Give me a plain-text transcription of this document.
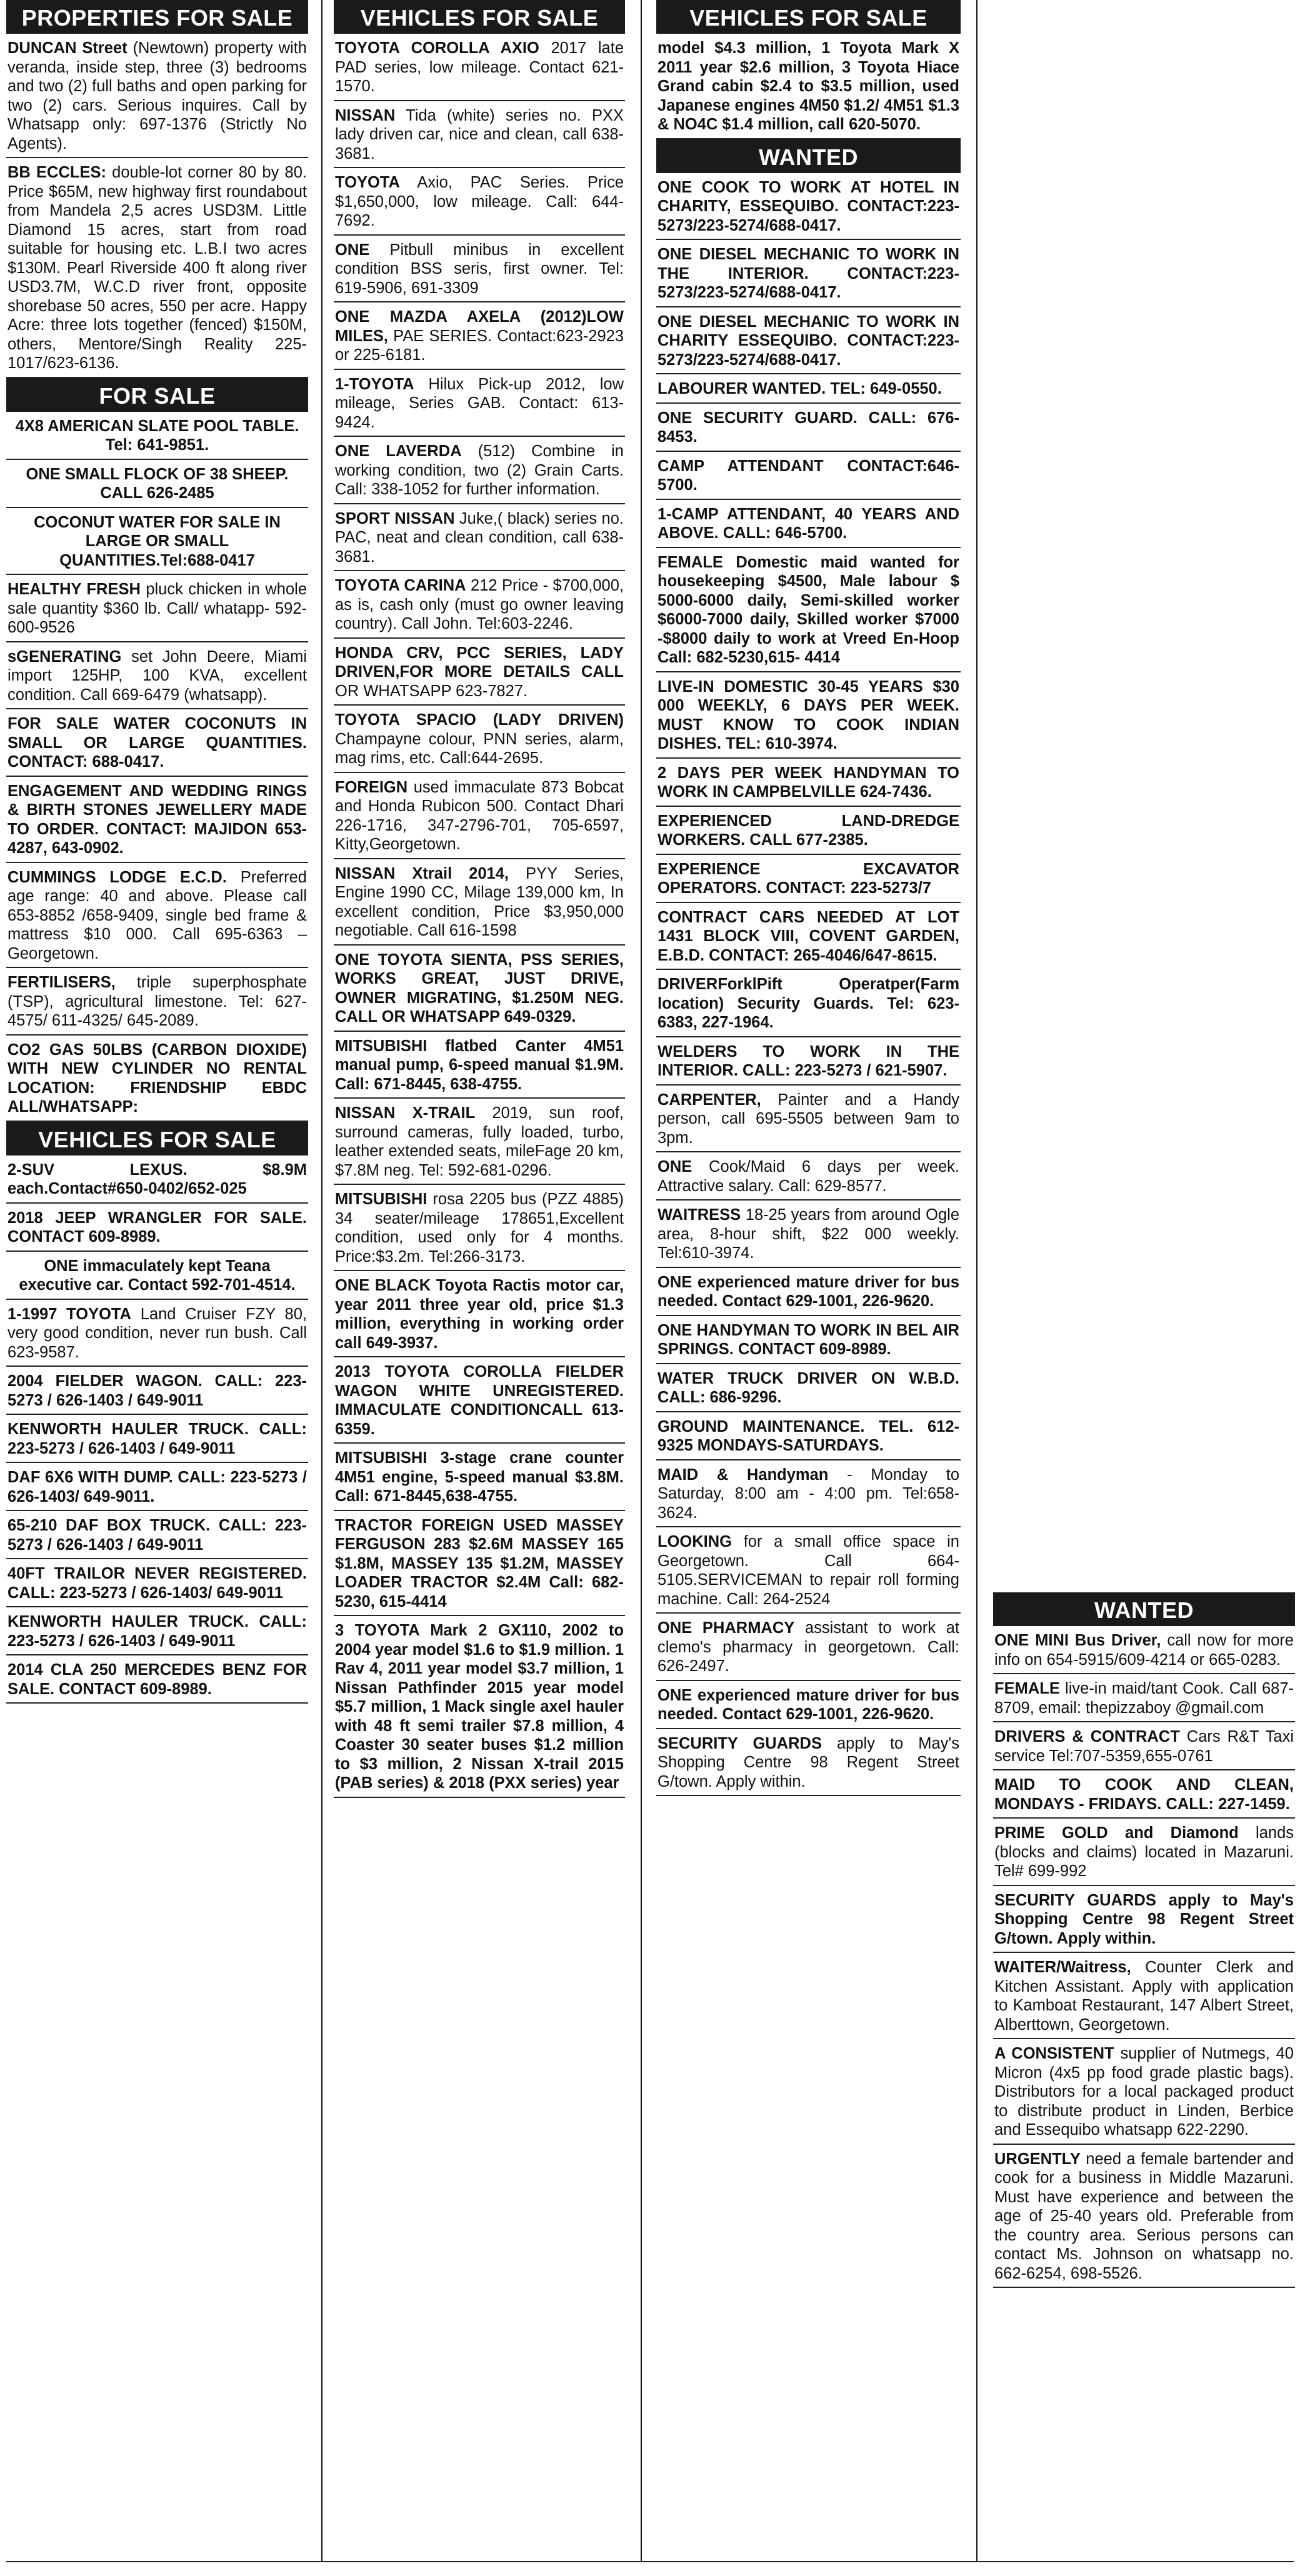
PROPERTIES FOR SALE
DUNCAN Street (Newtown) property with veranda, inside step, three (3) bedrooms and two (2) full baths and open parking for two (2) cars. Serious inquires. Call by Whatsapp only: 697-1376 (Strictly No Agents).
BB ECCLES: double-lot corner 80 by 80. Price $65M, new highway first roundabout from Mandela 2,5 acres USD3M. Little Diamond 15 acres, start from road suitable for housing etc. L.B.I two acres $130M. Pearl Riverside 400 ft along river USD3.7M, W.C.D river front, opposite shorebase 50 acres, 550 per acre. Happy Acre: three lots together (fenced) $150M, others, Mentore/Singh Reality 225-1017/623-6136.
FOR SALE
4X8 AMERICAN SLATE POOL TABLE. Tel: 641-9851.
ONE SMALL FLOCK OF 38 SHEEP. CALL 626-2485
COCONUT WATER FOR SALE IN LARGE OR SMALL QUANTITIES.Tel:688-0417
HEALTHY FRESH pluck chicken in whole sale quantity $360 lb. Call/ whatapp- 592-600-9526
sGENERATING set John Deere, Miami import 125HP, 100 KVA, excellent condition. Call 669-6479 (whatsapp).
FOR SALE WATER COCONUTS IN SMALL OR LARGE QUANTITIES. CONTACT: 688-0417.
ENGAGEMENT AND WEDDING RINGS & BIRTH STONES JEWELLERY MADE TO ORDER. CONTACT: MAJIDON 653-4287, 643-0902.
CUMMINGS LODGE E.C.D. Preferred age range: 40 and above. Please call 653-8852 /658-9409, single bed frame & mattress $10 000. Call 695-6363 – Georgetown.
FERTILISERS, triple superphosphate (TSP), agricultural limestone. Tel: 627-4575/ 611-4325/ 645-2089.
CO2 GAS 50LBS (CARBON DIOXIDE) WITH NEW CYLINDER NO RENTAL LOCATION: FRIENDSHIP EBDC ALL/WHATSAPP:
VEHICLES FOR SALE
2-SUV LEXUS. $8.9M each.Contact#650-0402/652-025
2018 JEEP WRANGLER FOR SALE. CONTACT 609-8989.
ONE immaculately kept Teana executive car. Contact 592-701-4514.
1-1997 TOYOTA Land Cruiser FZY 80, very good condition, never run bush. Call 623-9587.
2004 FIELDER WAGON. CALL: 223-5273 / 626-1403 / 649-9011
KENWORTH HAULER TRUCK. CALL: 223-5273 / 626-1403 / 649-9011
DAF 6X6 WITH DUMP. CALL: 223-5273 / 626-1403/ 649-9011.
65-210 DAF BOX TRUCK. CALL: 223-5273 / 626-1403 / 649-9011
40FT TRAILOR NEVER REGISTERED. CALL: 223-5273 / 626-1403/ 649-9011
KENWORTH HAULER TRUCK. CALL: 223-5273 / 626-1403 / 649-9011
2014 CLA 250 MERCEDES BENZ FOR SALE. CONTACT 609-8989.
VEHICLES FOR SALE
TOYOTA COROLLA AXIO 2017 late PAD series, low mileage. Contact 621-1570.
NISSAN Tida (white) series no. PXX lady driven car, nice and clean, call 638-3681.
TOYOTA Axio, PAC Series. Price $1,650,000, low mileage. Call: 644-7692.
ONE Pitbull minibus in excellent condition BSS seris, first owner. Tel: 619-5906, 691-3309
ONE MAZDA AXELA (2012)LOW MILES, PAE SERIES. Contact:623-2923 or 225-6181.
1-TOYOTA Hilux Pick-up 2012, low mileage, Series GAB. Contact: 613-9424.
ONE LAVERDA (512) Combine in working condition, two (2) Grain Carts. Call: 338-1052 for further information.
SPORT NISSAN Juke,( black) series no. PAC, neat and clean condition, call 638-3681.
TOYOTA CARINA 212 Price - $700,000, as is, cash only (must go owner leaving country). Call John. Tel:603-2246.
HONDA CRV, PCC SERIES, LADY DRIVEN,FOR MORE DETAILS CALL OR WHATSAPP 623-7827.
TOYOTA SPACIO (LADY DRIVEN) Champayne colour, PNN series, alarm, mag rims, etc. Call:644-2695.
FOREIGN used immaculate 873 Bobcat and Honda Rubicon 500. Contact Dhari 226-1716, 347-2796-701, 705-6597, Kitty,Georgetown.
NISSAN Xtrail 2014, PYY Series, Engine 1990 CC, Milage 139,000 km, In excellent condition, Price $3,950,000 negotiable. Call 616-1598
ONE TOYOTA SIENTA, PSS SERIES, WORKS GREAT, JUST DRIVE, OWNER MIGRATING, $1.250M NEG. CALL OR WHATSAPP 649-0329.
MITSUBISHI flatbed Canter 4M51 manual pump, 6-speed manual $1.9M. Call: 671-8445, 638-4755.
NISSAN X-TRAIL 2019, sun roof, surround cameras, fully loaded, turbo, leather extended seats, mileFage 20 km, $7.8M neg. Tel: 592-681-0296.
MITSUBISHI rosa 2205 bus (PZZ 4885) 34 seater/mileage 178651,Excellent condition, used only for 4 months. Price:$3.2m. Tel:266-3173.
ONE BLACK Toyota Ractis motor car, year 2011 three year old, price $1.3 million, everything in working order call 649-3937.
2013 TOYOTA COROLLA FIELDER WAGON WHITE UNREGISTERED. IMMACULATE CONDITIONCALL 613-6359.
MITSUBISHI 3-stage crane counter 4M51 engine, 5-speed manual $3.8M. Call: 671-8445,638-4755.
TRACTOR FOREIGN USED MASSEY FERGUSON 283 $2.6M MASSEY 165 $1.8M, MASSEY 135 $1.2M, MASSEY LOADER TRACTOR $2.4M Call: 682-5230, 615-4414
3 TOYOTA Mark 2 GX110, 2002 to 2004 year model $1.6 to $1.9 million. 1 Rav 4, 2011 year model $3.7 million, 1 Nissan Pathfinder 2015 year model $5.7 million, 1 Mack single axel hauler with 48 ft semi trailer $7.8 million, 4 Coaster 30 seater buses $1.2 million to $3 million, 2 Nissan X-trail 2015 (PAB series) & 2018 (PXX series) year
VEHICLES FOR SALE
model $4.3 million, 1 Toyota Mark X 2011 year $2.6 million, 3 Toyota Hiace Grand cabin $2.4 to $3.5 million, used Japanese engines 4M50 $1.2/ 4M51 $1.3 & NO4C $1.4 million, call 620-5070.
WANTED
ONE COOK TO WORK AT HOTEL IN CHARITY, ESSEQUIBO. CONTACT:223-5273/223-5274/688-0417.
ONE DIESEL MECHANIC TO WORK IN THE INTERIOR. CONTACT:223-5273/223-5274/688-0417.
ONE DIESEL MECHANIC TO WORK IN CHARITY ESSEQUIBO. CONTACT:223-5273/223-5274/688-0417.
LABOURER WANTED. TEL: 649-0550.
ONE SECURITY GUARD. CALL: 676-8453.
CAMP ATTENDANT CONTACT:646-5700.
1-CAMP ATTENDANT, 40 YEARS AND ABOVE. CALL: 646-5700.
FEMALE Domestic maid wanted for housekeeping $4500, Male labour $ 5000-6000 daily, Semi-skilled worker $6000-7000 daily, Skilled worker $7000 -$8000 daily to work at Vreed En-Hoop Call: 682-5230,615- 4414
LIVE-IN DOMESTIC 30-45 YEARS $30 000 WEEKLY, 6 DAYS PER WEEK. MUST KNOW TO COOK INDIAN DISHES. TEL: 610-3974.
2 DAYS PER WEEK HANDYMAN TO WORK IN CAMPBELVILLE 624-7436.
EXPERIENCED LAND-DREDGE WORKERS. CALL 677-2385.
EXPERIENCE EXCAVATOR OPERATORS. CONTACT: 223-5273/7
CONTRACT CARS NEEDED AT LOT 1431 BLOCK VIII, COVENT GARDEN, E.B.D. CONTACT: 265-4046/647-8615.
DRIVERForklPift Operatper(Farm location) Security Guards. Tel: 623-6383, 227-1964.
WELDERS TO WORK IN THE INTERIOR. CALL: 223-5273 / 621-5907.
CARPENTER, Painter and a Handy person, call 695-5505 between 9am to 3pm.
ONE Cook/Maid 6 days per week. Attractive salary. Call: 629-8577.
WAITRESS 18-25 years from around Ogle area, 8-hour shift, $22 000 weekly. Tel:610-3974.
ONE experienced mature driver for bus needed. Contact 629-1001, 226-9620.
ONE HANDYMAN TO WORK IN BEL AIR SPRINGS. CONTACT 609-8989.
WATER TRUCK DRIVER ON W.B.D. CALL: 686-9296.
GROUND MAINTENANCE. TEL. 612-9325 MONDAYS-SATURDAYS.
MAID & Handyman - Monday to Saturday, 8:00 am - 4:00 pm. Tel:658-3624.
LOOKING for a small office space in Georgetown. Call 664-5105.SERVICEMAN to repair roll forming machine. Call: 264-2524
ONE PHARMACY assistant to work at clemo's pharmacy in georgetown. Call: 626-2497.
ONE experienced mature driver for bus needed. Contact 629-1001, 226-9620.
SECURITY GUARDS apply to May's Shopping Centre 98 Regent Street G/town. Apply within.
WANTED
ONE MINI Bus Driver, call now for more info on 654-5915/609-4214 or 665-0283.
FEMALE live-in maid/tant Cook. Call 687-8709, email: thepizzaboy @gmail.com
DRIVERS & CONTRACT Cars R&T Taxi service Tel:707-5359,655-0761
MAID TO COOK AND CLEAN, MONDAYS - FRIDAYS. CALL: 227-1459.
PRIME GOLD and Diamond lands (blocks and claims) located in Mazaruni. Tel# 699-992
SECURITY GUARDS apply to May's Shopping Centre 98 Regent Street G/town. Apply within.
WAITER/Waitress, Counter Clerk and Kitchen Assistant. Apply with application to Kamboat Restaurant, 147 Albert Street, Alberttown, Georgetown.
A CONSISTENT supplier of Nutmegs, 40 Micron (4x5 pp food grade plastic bags). Distributors for a local packaged product to distribute product in Linden, Berbice and Essequibo whatsapp 622-2290.
URGENTLY need a female bartender and cook for a business in Middle Mazaruni. Must have experience and between the age of 25-40 years old. Preferable from the country area. Serious persons can contact Ms. Johnson on whatsapp no. 662-6254, 698-5526.
